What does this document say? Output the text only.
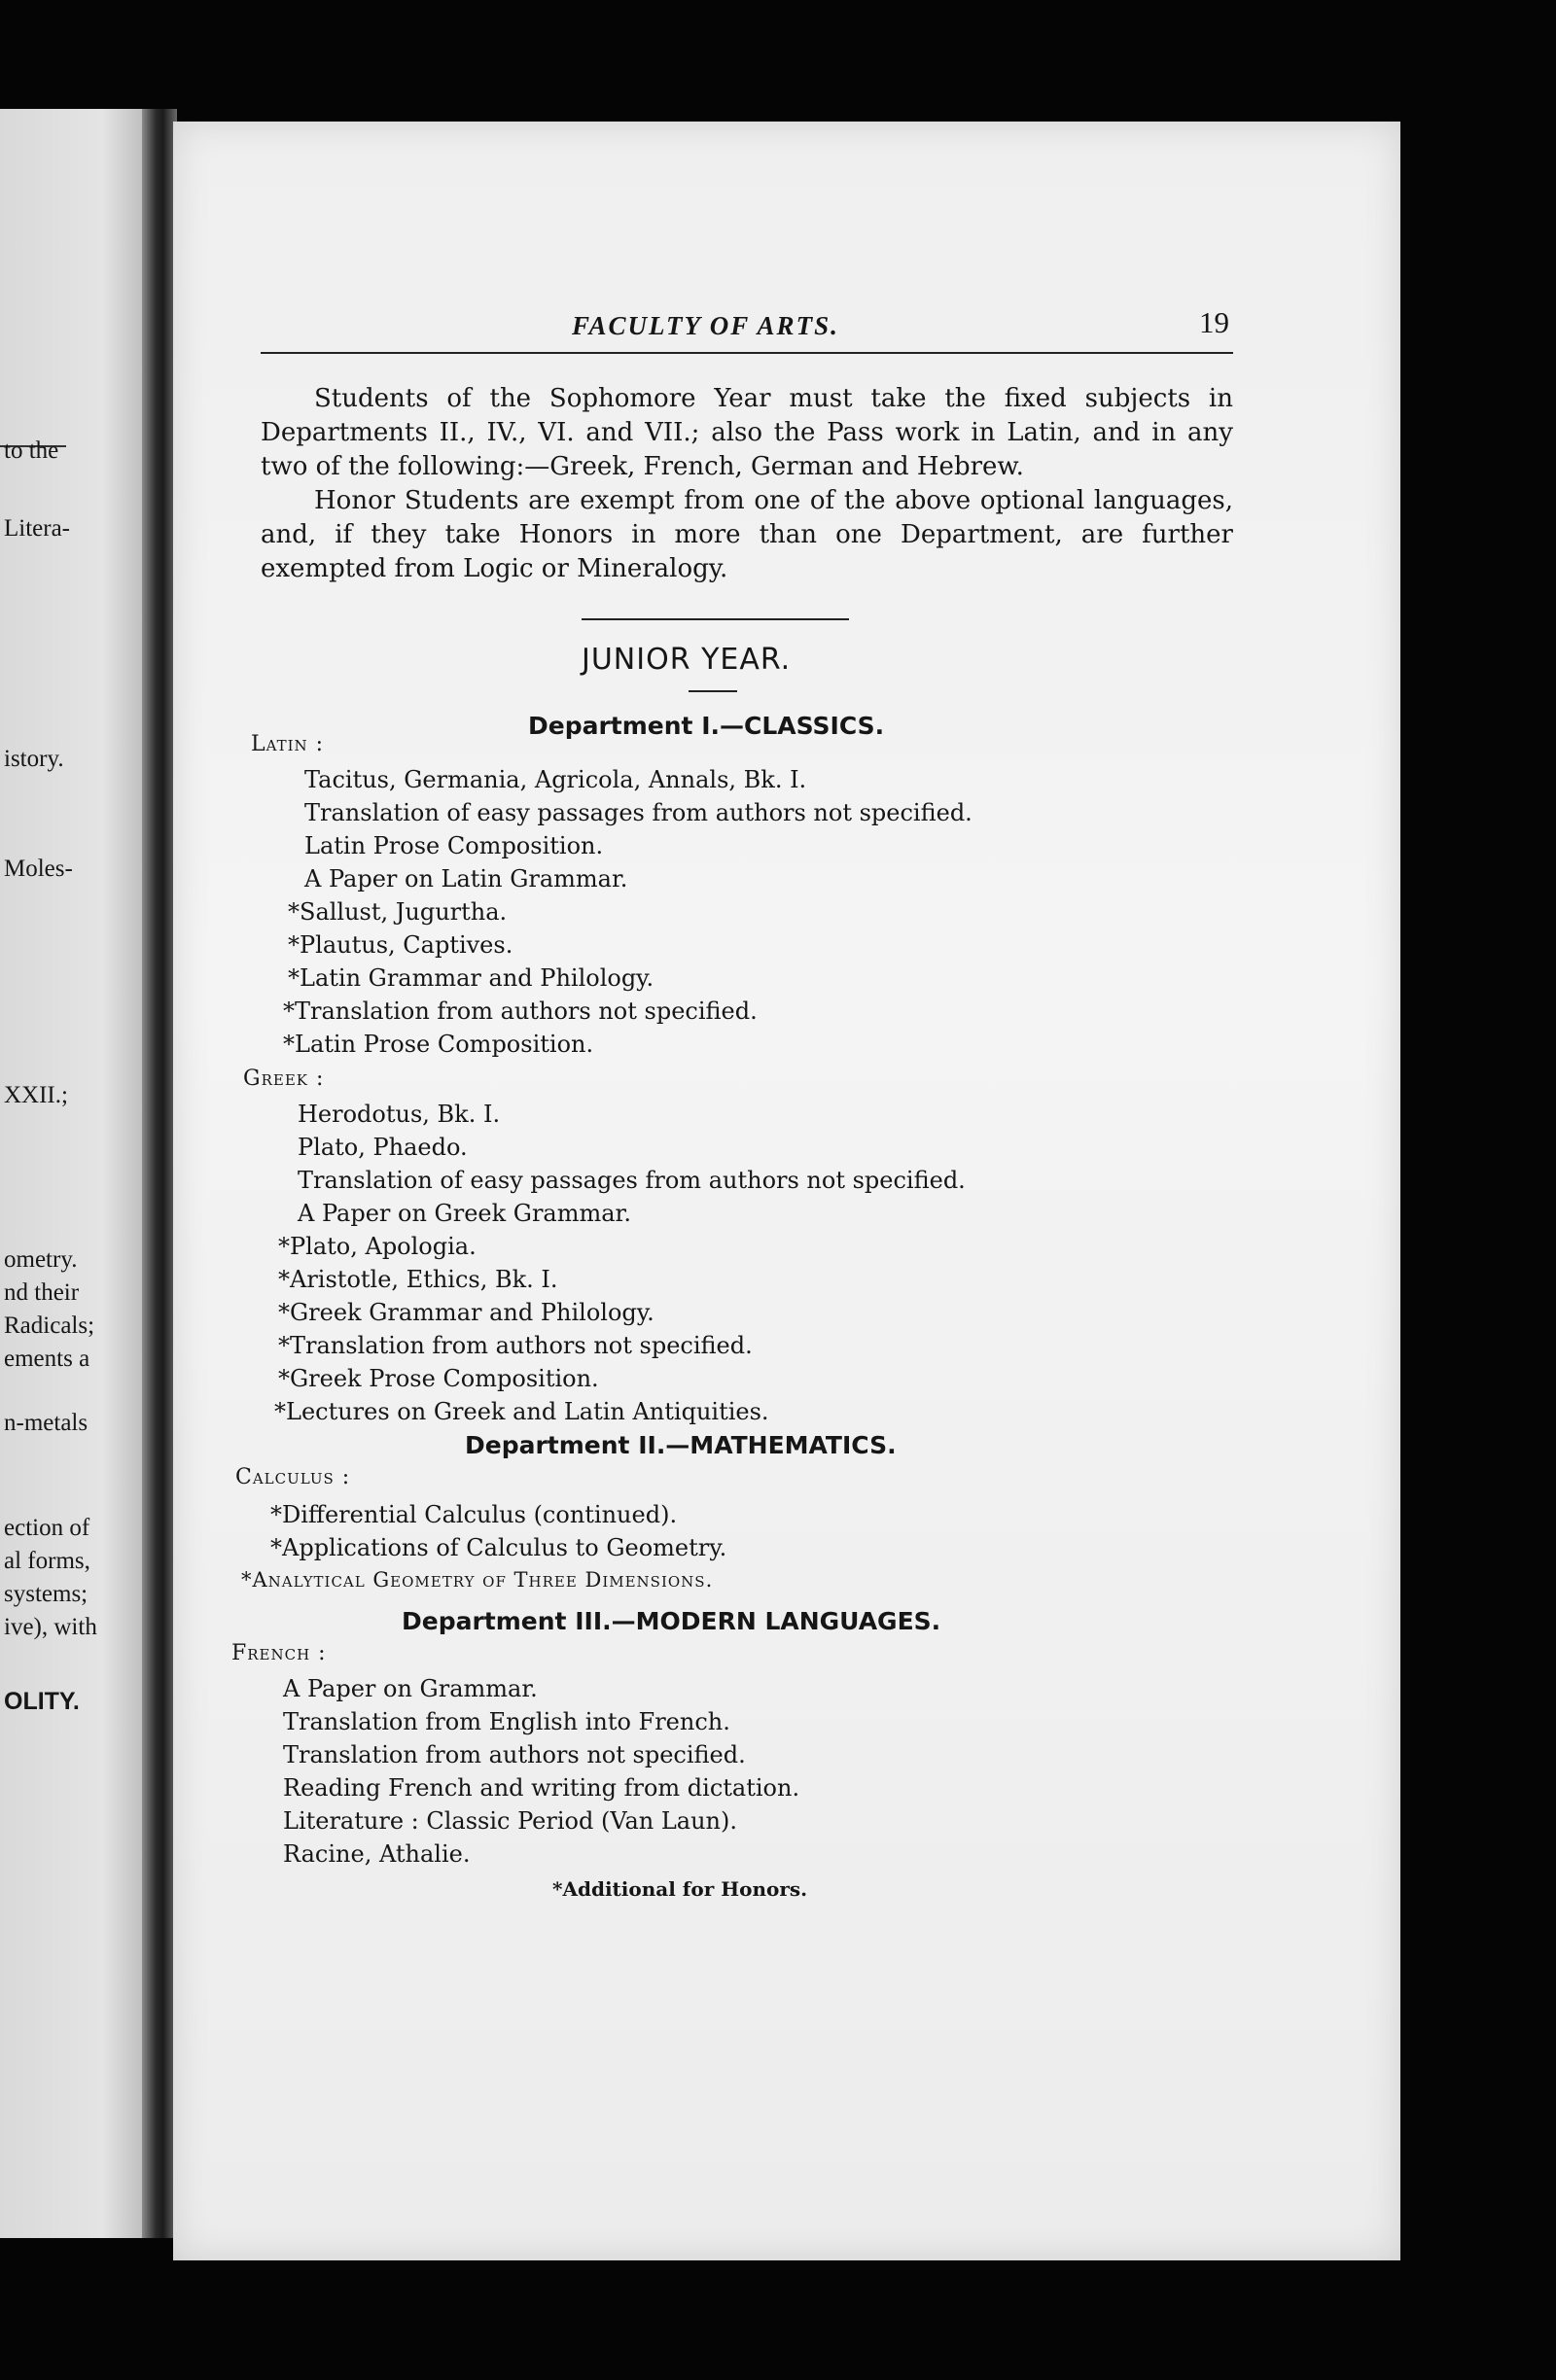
to the
Litera-
istory.
Moles-
XXII.;
ometry.
nd their
Radicals;
ements a
n-metals
ection of
al forms,
systems;
ive), with
OLITY.
FACULTY OF ARTS.	19
Students of the Sophomore Year must take the fixed subjects in Departments II., IV., VI. and VII.; also the Pass work in Latin, and in any two of the following:—Greek, French, German and Hebrew.
Honor Students are exempt from one of the above optional languages, and, if they take Honors in more than one Department, are further exempted from Logic or Mineralogy.
JUNIOR YEAR.
Department I.—CLASSICS.
Latin :
Tacitus, Germania, Agricola, Annals, Bk. I.
Translation of easy passages from authors not specified.
Latin Prose Composition.
A Paper on Latin Grammar.
*Sallust, Jugurtha.
*Plautus, Captives.
*Latin Grammar and Philology.
*Translation from authors not specified.
*Latin Prose Composition.
Greek :
Herodotus, Bk. I.
Plato, Phaedo.
Translation of easy passages from authors not specified.
A Paper on Greek Grammar.
*Plato, Apologia.
*Aristotle, Ethics, Bk. I.
*Greek Grammar and Philology.
*Translation from authors not specified.
*Greek Prose Composition.
*Lectures on Greek and Latin Antiquities.
Department II.—MATHEMATICS.
Calculus :
*Differential Calculus (continued).
*Applications of Calculus to Geometry.
*Analytical Geometry of Three Dimensions.
Department III.—MODERN LANGUAGES.
French :
A Paper on Grammar.
Translation from English into French.
Translation from authors not specified.
Reading French and writing from dictation.
Literature : Classic Period (Van Laun).
Racine, Athalie.
*Additional for Honors.
